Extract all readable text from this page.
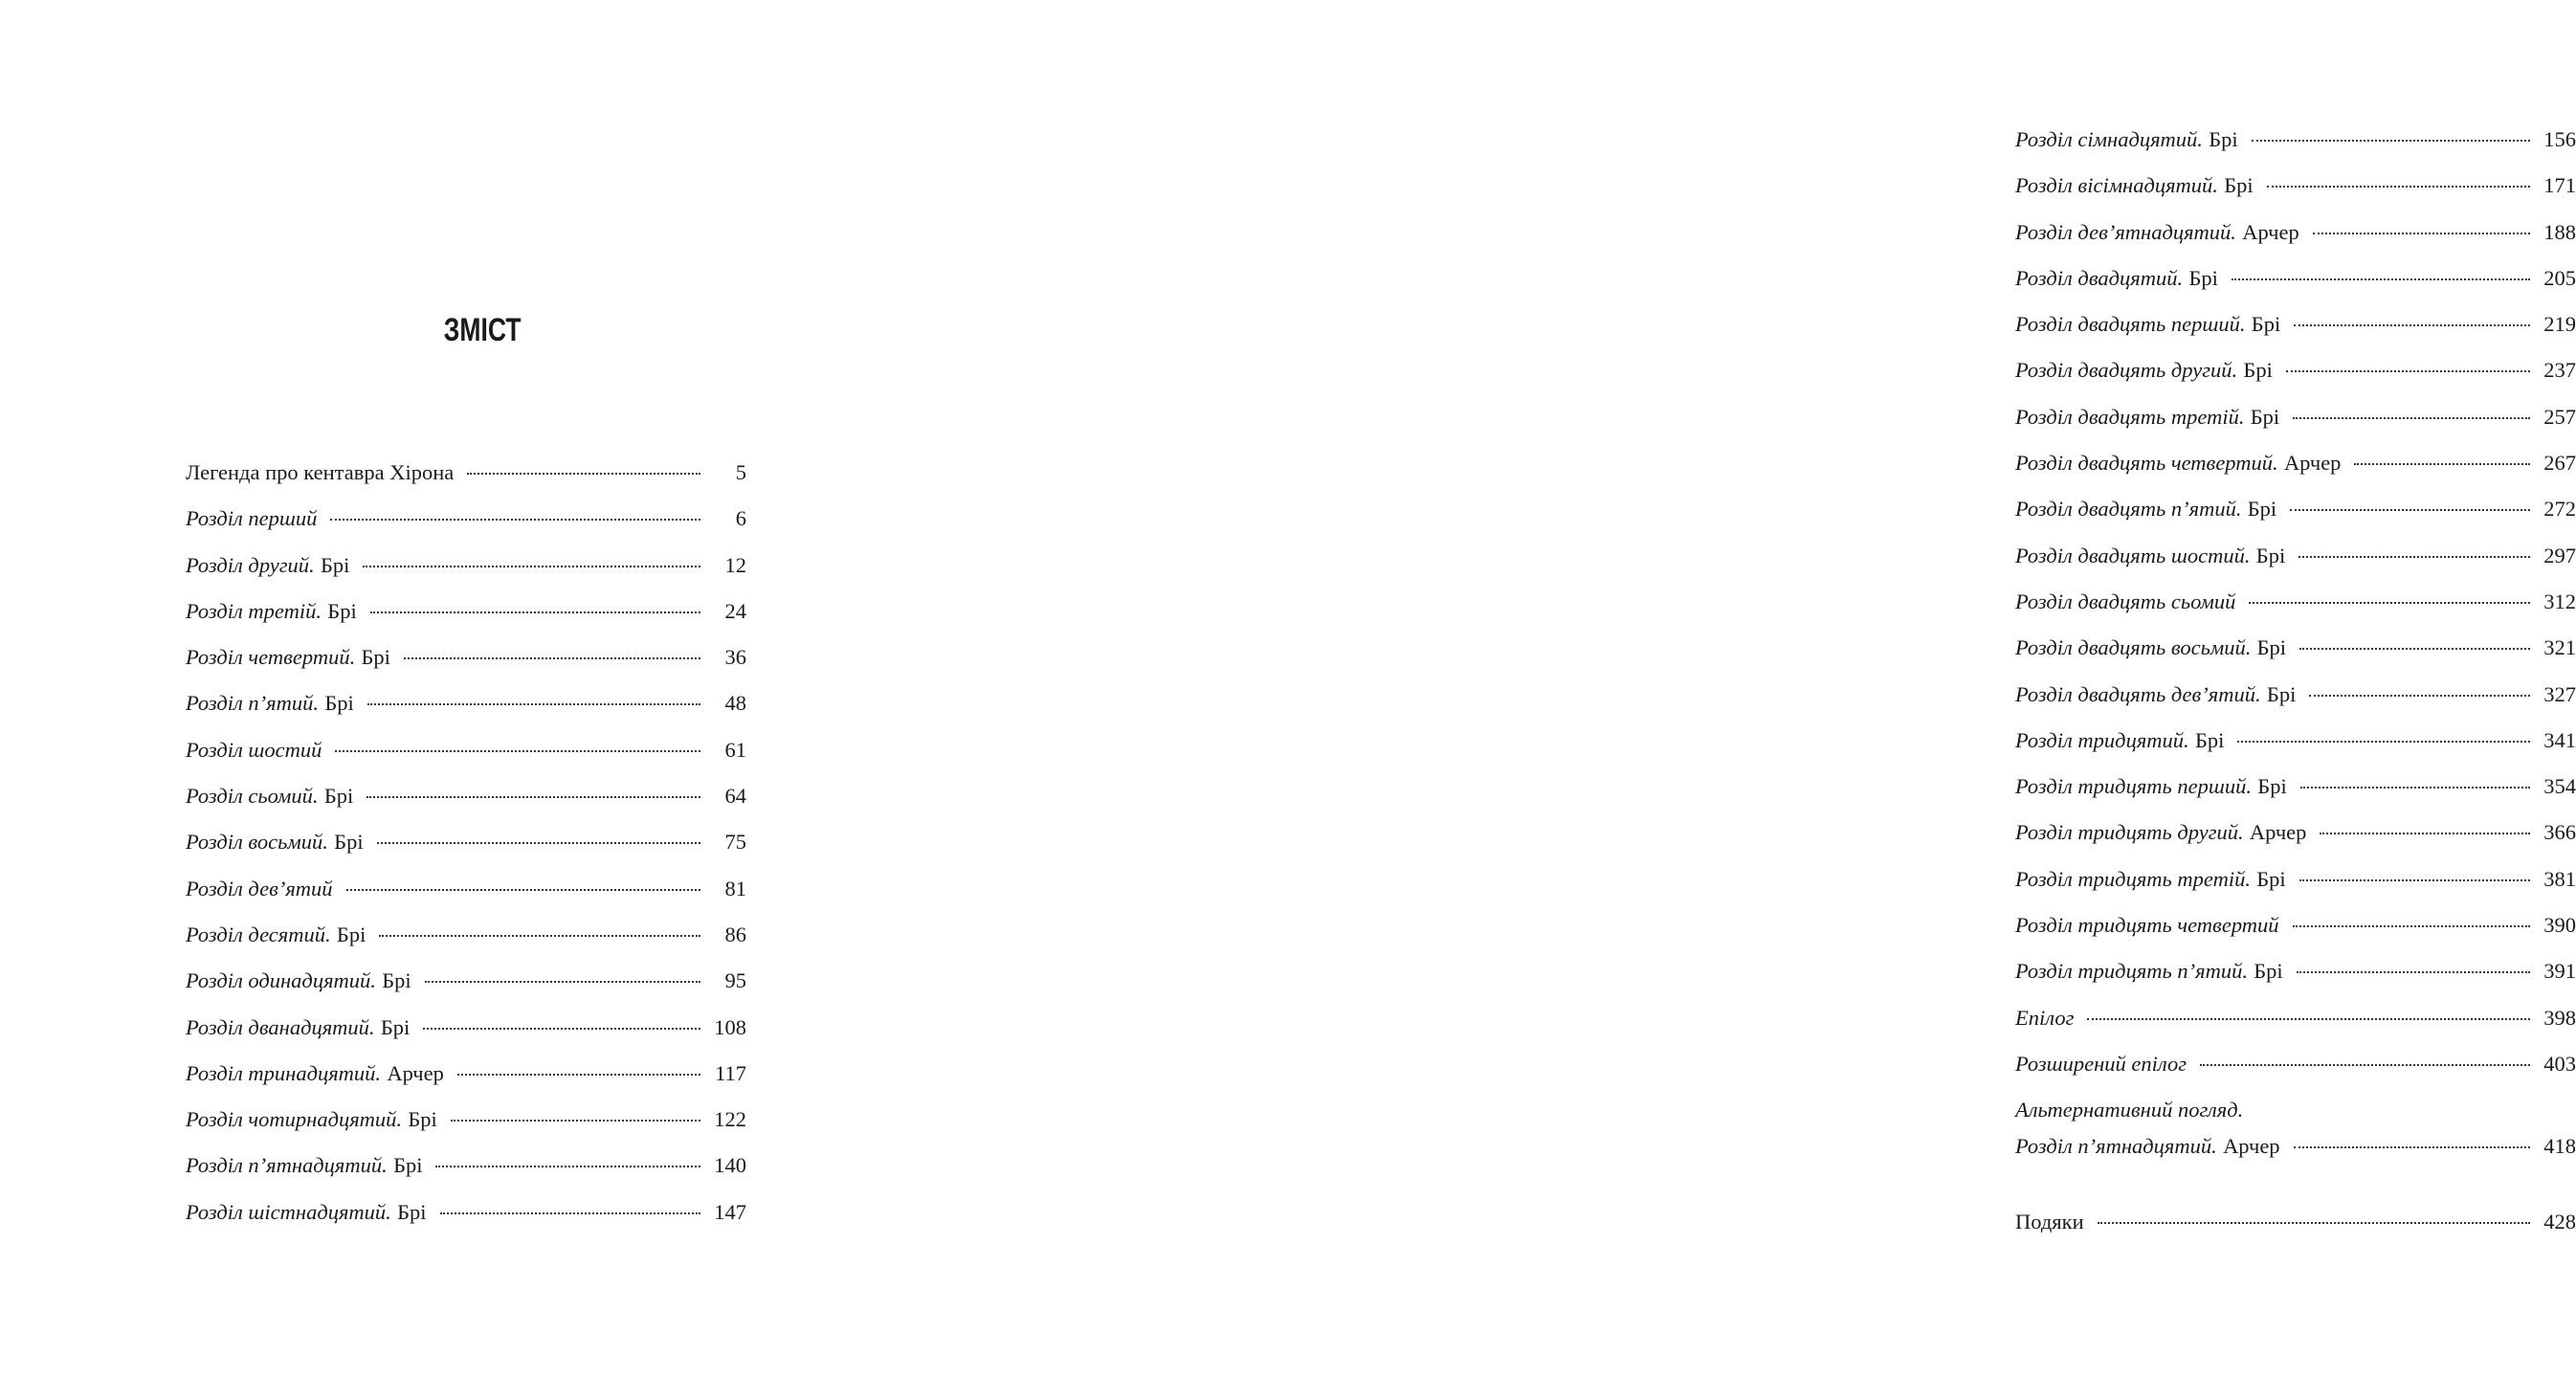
ЗМІСТ
Легенда про кентавра Хірона	5
Розділ перший	6
Розділ другий. Брі	12
Розділ третій. Брі	24
Розділ четвертий. Брі	36
Розділ п’ятий. Брі	48
Розділ шостий	61
Розділ сьомий. Брі	64
Розділ восьмий. Брі	75
Розділ дев’ятий	81
Розділ десятий. Брі	86
Розділ одинадцятий. Брі	95
Розділ дванадцятий. Брі	108
Розділ тринадцятий. Арчер	117
Розділ чотирнадцятий. Брі	122
Розділ п’ятнадцятий. Брі	140
Розділ шістнадцятий. Брі	147
Розділ сімнадцятий. Брі	156
Розділ вісімнадцятий. Брі	171
Розділ дев’ятнадцятий. Арчер	188
Розділ двадцятий. Брі	205
Розділ двадцять перший. Брі	219
Розділ двадцять другий. Брі	237
Розділ двадцять третій. Брі	257
Розділ двадцять четвертий. Арчер	267
Розділ двадцять п’ятий. Брі	272
Розділ двадцять шостий. Брі	297
Розділ двадцять сьомий	312
Розділ двадцять восьмий. Брі	321
Розділ двадцять дев’ятий. Брі	327
Розділ тридцятий. Брі	341
Розділ тридцять перший. Брі	354
Розділ тридцять другий. Арчер	366
Розділ тридцять третій. Брі	381
Розділ тридцять четвертий	390
Розділ тридцять п’ятий. Брі	391
Епілог	398
Розширений епілог	403
Альтернативний погляд.
Розділ п’ятнадцятий. Арчер	418
Подяки	428
